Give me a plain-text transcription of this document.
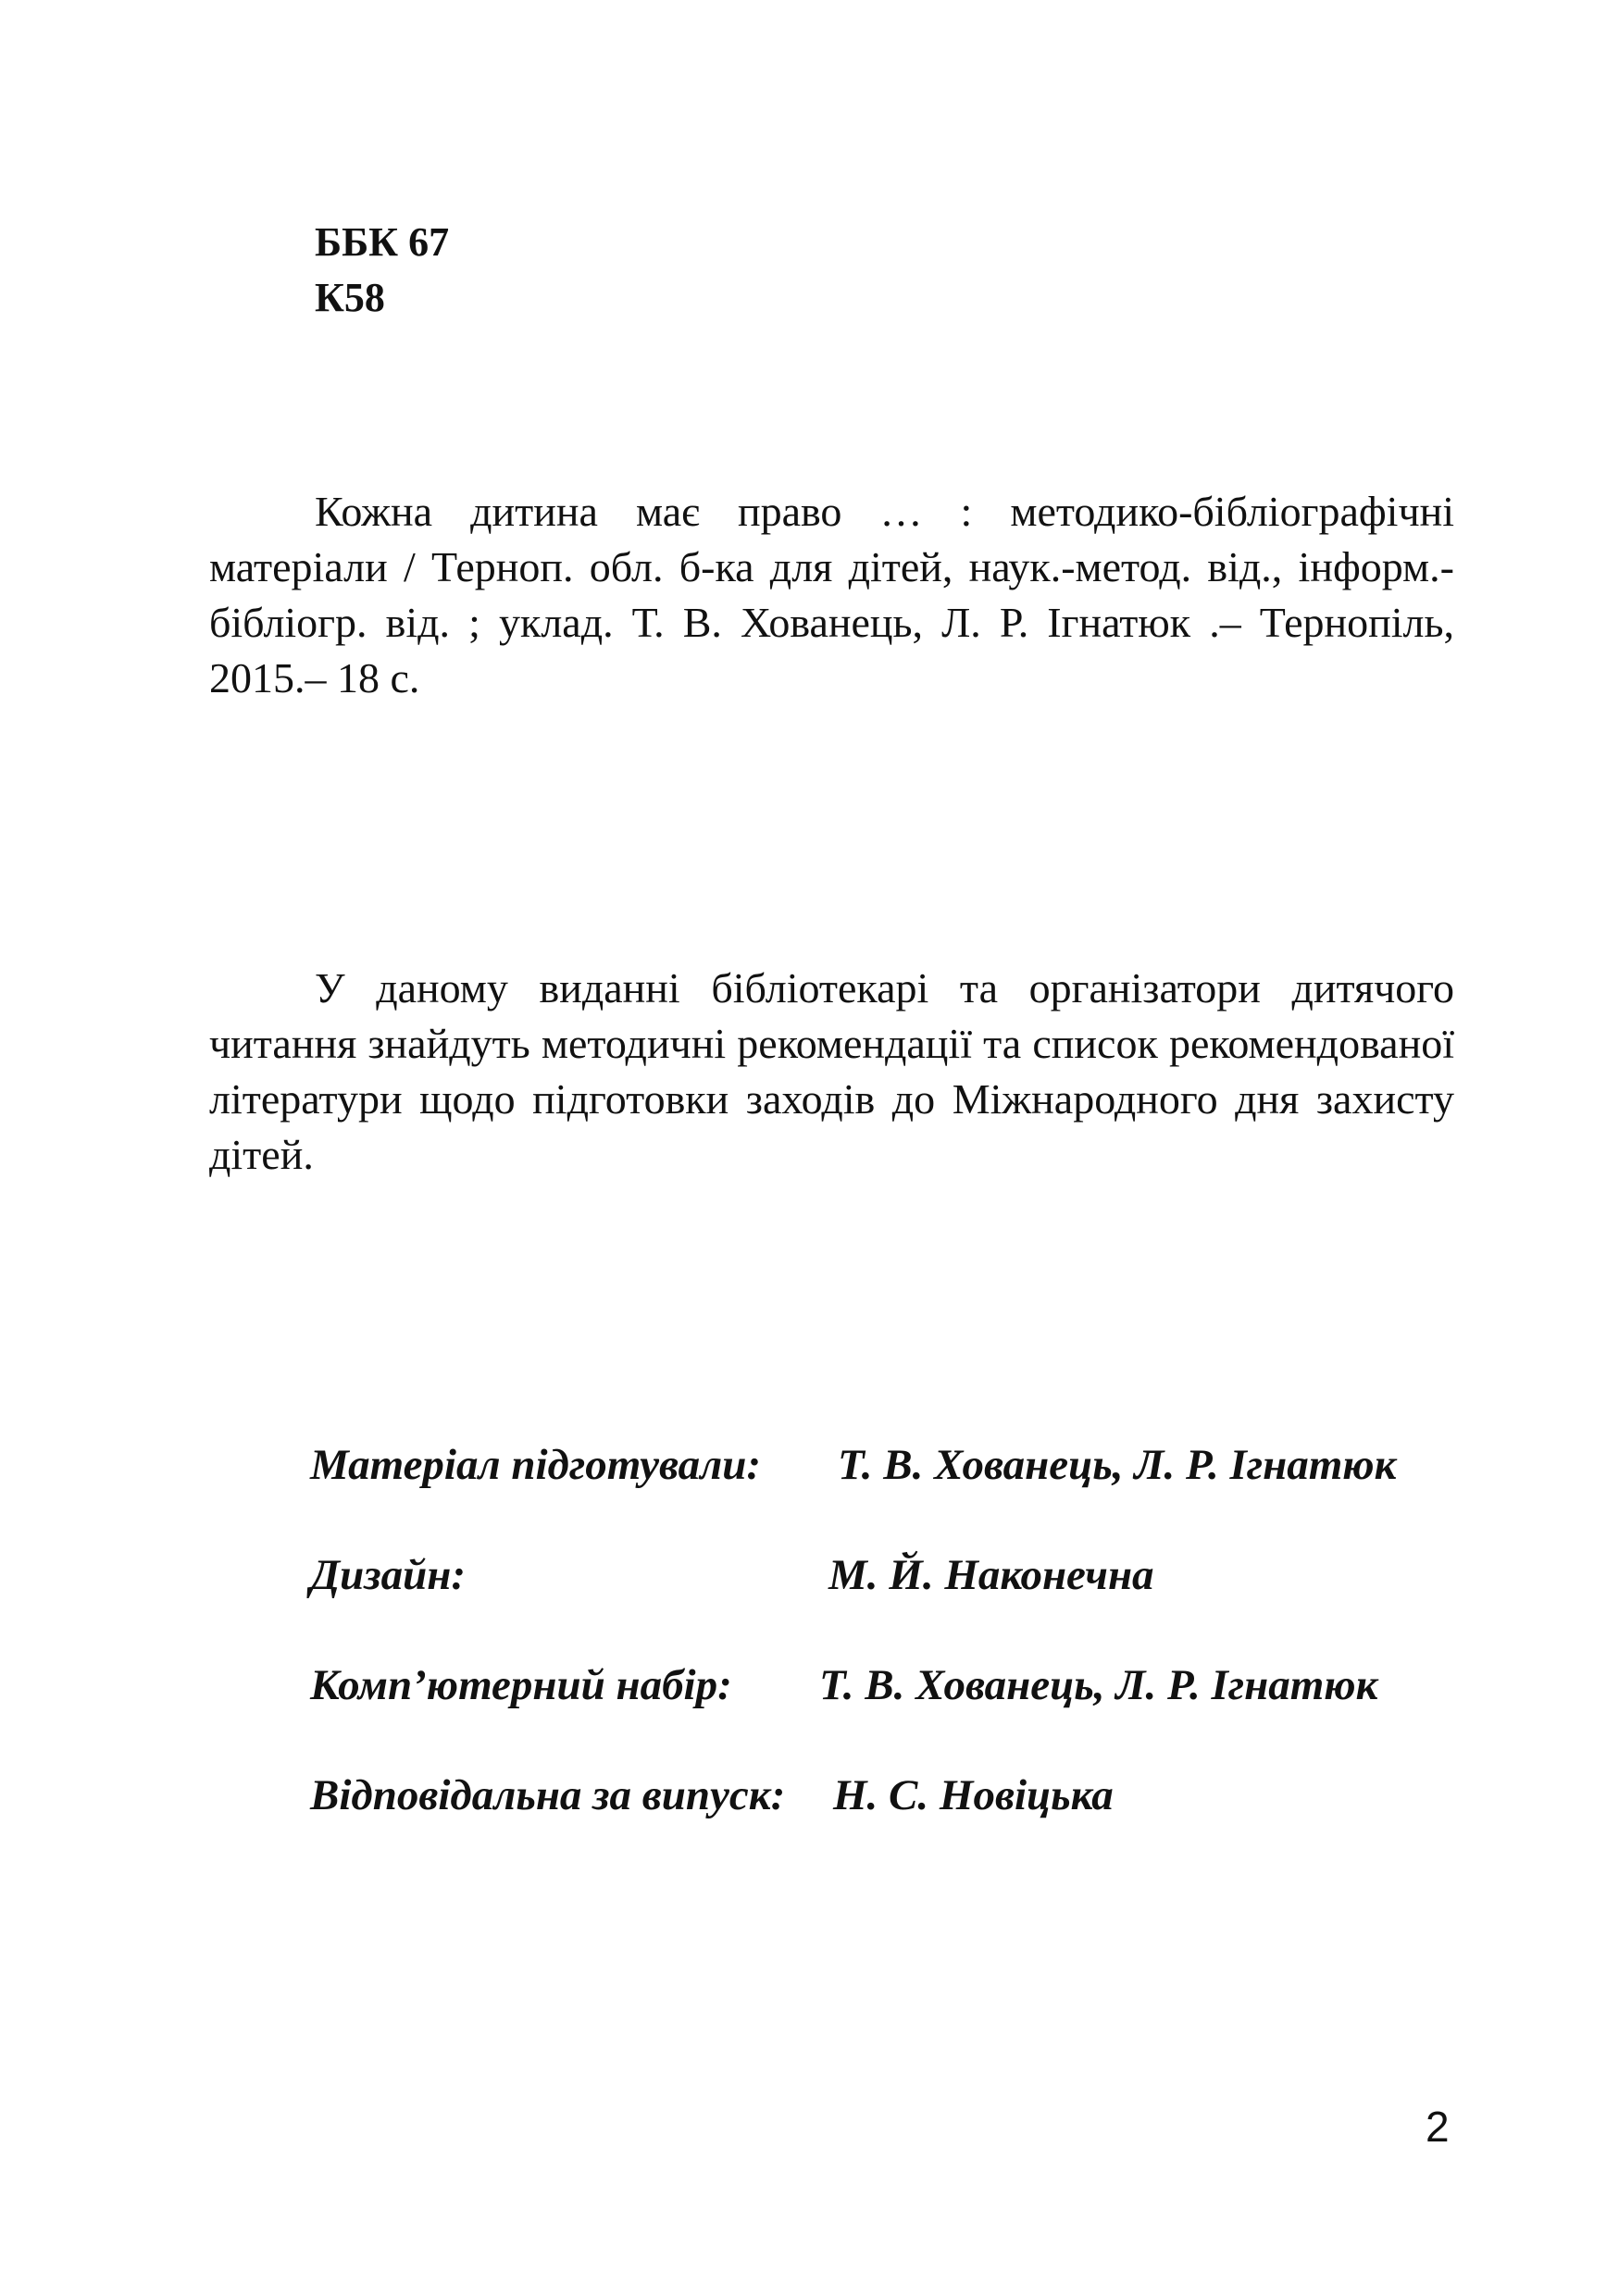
ББК 67
К58
Кожна дитина має право … : методико-бібліографічні матеріали / Терноп. обл. б-ка для дітей, наук.-метод. від., інформ.-бібліогр. від. ; уклад. Т. В. Хованець, Л. Р. Ігнатюк .– Тернопіль, 2015.– 18 с.
У даному виданні бібліотекарі та організатори дитячого читання знайдуть методичні рекомендації та список рекомендованої літератури щодо підготовки заходів до Міжнародного дня захисту дітей.
Матеріал підготували: Т. В. Хованець, Л. Р. Ігнатюк
Дизайн:	М. Й. Наконечна
Комп’ютерний набір: Т. В. Хованець, Л. Р. Ігнатюк
Відповідальна за випуск: Н. С. Новіцька
2
